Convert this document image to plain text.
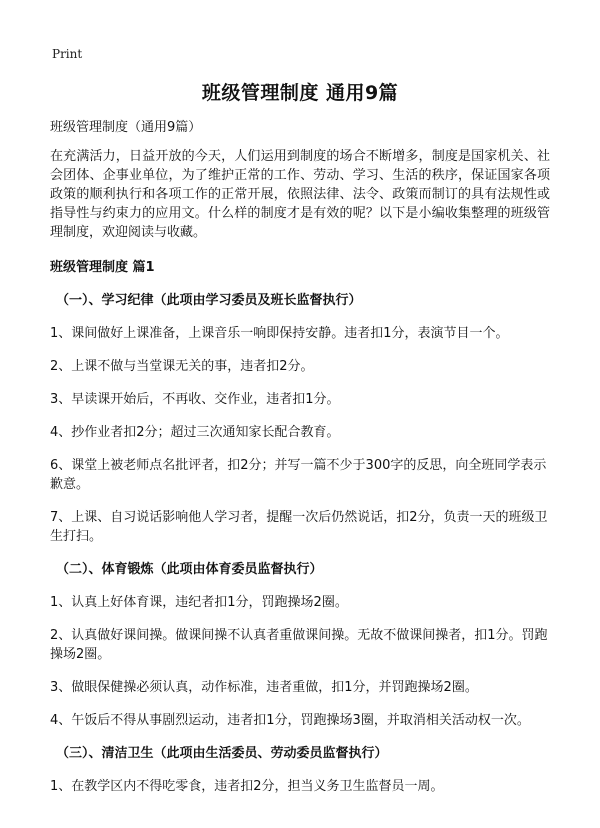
Print
班级管理制度 通用9篇

班级管理制度（通用9篇）

在充满活力，日益开放的今天，人们运用到制度的场合不断增多，制度是国家机关、社会团体、企事业单位，为了维护正常的工作、劳动、学习、生活的秩序，保证国家各项政策的顺利执行和各项工作的正常开展，依照法律、法令、政策而制订的具有法规性或指导性与约束力的应用文。什么样的制度才是有效的呢？以下是小编收集整理的班级管理制度，欢迎阅读与收藏。

班级管理制度 篇1

（一）、学习纪律（此项由学习委员及班长监督执行）

1、课间做好上课准备，上课音乐一响即保持安静。违者扣1分，表演节目一个。

2、上课不做与当堂课无关的事，违者扣2分。

3、早读课开始后，不再收、交作业，违者扣1分。

4、抄作业者扣2分；超过三次通知家长配合教育。

6、课堂上被老师点名批评者，扣2分；并写一篇不少于300字的反思，向全班同学表示歉意。

7、上课、自习说话影响他人学习者，提醒一次后仍然说话，扣2分，负责一天的班级卫生打扫。

（二）、体育锻炼（此项由体育委员监督执行）

1、认真上好体育课，违纪者扣1分，罚跑操场2圈。

2、认真做好课间操。做课间操不认真者重做课间操。无故不做课间操者，扣1分。罚跑操场2圈。

3、做眼保健操必须认真，动作标准，违者重做，扣1分，并罚跑操场2圈。

4、午饭后不得从事剧烈运动，违者扣1分，罚跑操场3圈，并取消相关活动权一次。

（三）、清洁卫生（此项由生活委员、劳动委员监督执行）

1、在教学区内不得吃零食，违者扣2分，担当义务卫生监督员一周。
